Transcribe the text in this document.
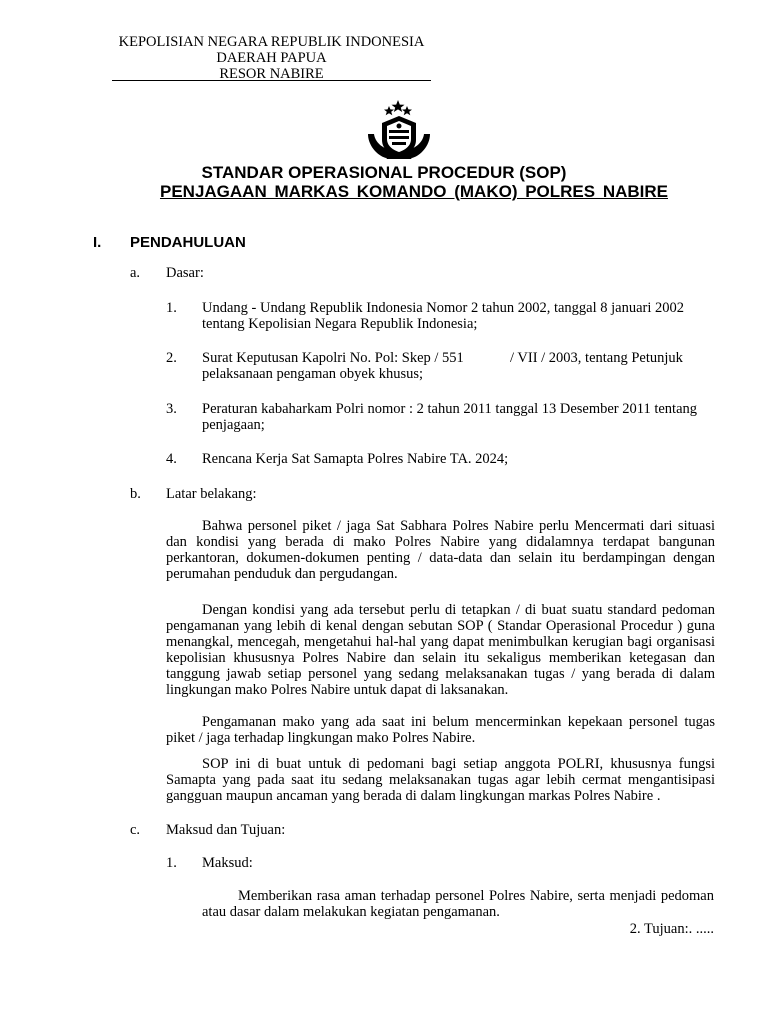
KEPOLISIAN NEGARA REPUBLIK INDONESIA
DAERAH PAPUA
RESOR NABIRE
STANDAR OPERASIONAL PROCEDUR (SOP)
PENJAGAAN MARKAS KOMANDO (MAKO) POLRES NABIRE
I. PENDAHULUAN
a. Dasar:
1. Undang - Undang Republik Indonesia Nomor 2 tahun 2002, tanggal 8 januari 2002
tentang Kepolisian Negara Republik Indonesia;
2. Surat Keputusan Kapolri No. Pol: Skep / 551	/ VII / 2003, tentang Petunjuk
pelaksanaan pengaman obyek khusus;
3. Peraturan kabaharkam Polri nomor : 2 tahun 2011 tanggal 13 Desember 2011 tentang
penjagaan;
4. Rencana Kerja Sat Samapta Polres Nabire TA. 2024;
b. Latar belakang:
Bahwa personel piket / jaga Sat Sabhara Polres Nabire perlu Mencermati dari situasi dan kondisi yang berada di mako Polres Nabire yang didalamnya terdapat bangunan perkantoran, dokumen-dokumen penting / data-data dan selain itu berdampingan dengan perumahan penduduk dan pergudangan.
Dengan kondisi yang ada tersebut perlu di tetapkan / di buat suatu standard pedoman pengamanan yang lebih di kenal dengan sebutan SOP ( Standar Operasional Procedur ) guna menangkal, mencegah, mengetahui hal-hal yang dapat menimbulkan kerugian bagi organisasi kepolisian khususnya Polres Nabire dan selain itu sekaligus memberikan ketegasan dan tanggung jawab setiap personel yang sedang melaksanakan tugas / yang berada di dalam lingkungan mako Polres Nabire untuk dapat di laksanakan.
Pengamanan mako yang ada saat ini belum mencerminkan kepekaan personel tugas piket / jaga terhadap lingkungan mako Polres Nabire.
SOP ini di buat untuk di pedomani bagi setiap anggota POLRI, khususnya fungsi Samapta yang pada saat itu sedang melaksanakan tugas agar lebih cermat mengantisipasi gangguan maupun ancaman yang berada di dalam lingkungan markas Polres Nabire .
c. Maksud dan Tujuan:
1. Maksud:
Memberikan rasa aman terhadap personel Polres Nabire, serta menjadi pedoman atau dasar dalam melakukan kegiatan pengamanan.
2. Tujuan:. .....
